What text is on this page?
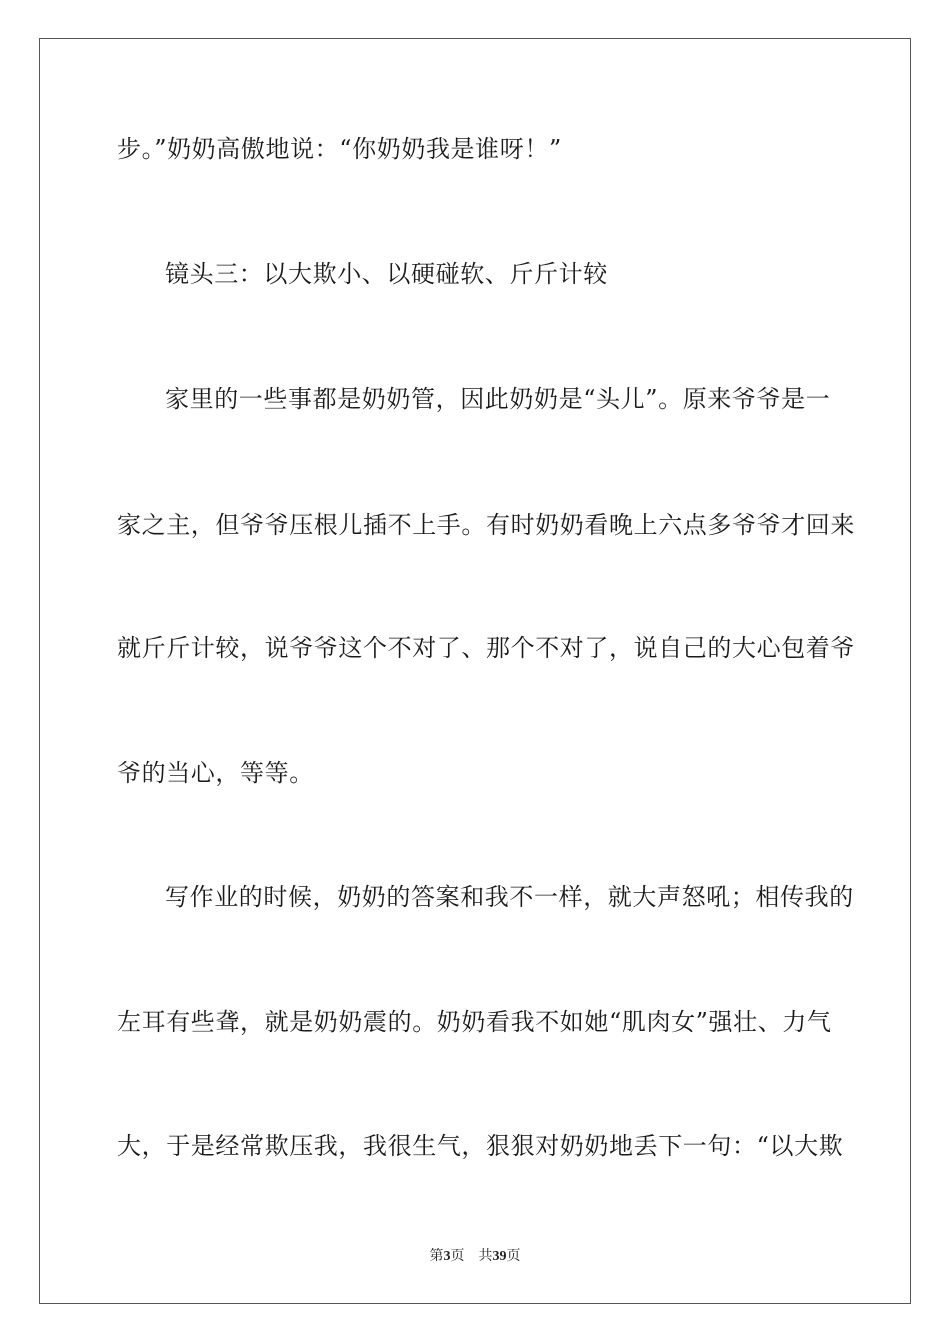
步。”奶奶高傲地说：“你奶奶我是谁呀！”
镜头三：以大欺小、以硬碰软、斤斤计较
家里的一些事都是奶奶管，因此奶奶是“头儿”。原来爷爷是一
家之主，但爷爷压根儿插不上手。有时奶奶看晚上六点多爷爷才回来
就斤斤计较，说爷爷这个不对了、那个不对了，说自己的大心包着爷
爷的当心，等等。
写作业的时候，奶奶的答案和我不一样，就大声怒吼；相传我的
左耳有些聋，就是奶奶震的。奶奶看我不如她“肌肉女”强壮、力气
大，于是经常欺压我，我很生气，狠狠对奶奶地丢下一句：“以大欺
第3页 共39页
